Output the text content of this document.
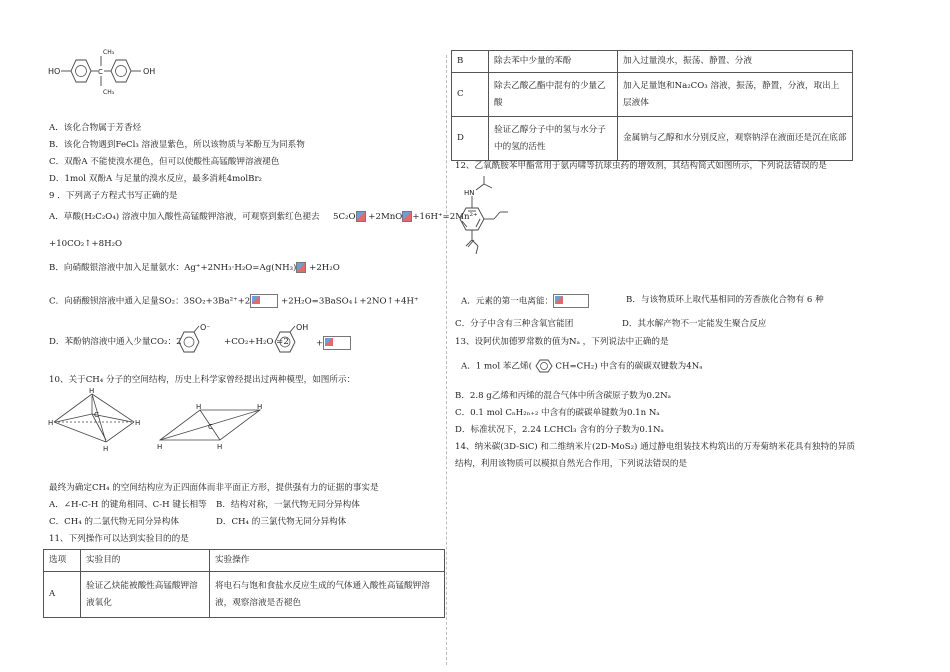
HO	C
CH₃
CH₃
OH
A．该化合物属于芳香烃
B．该化合物遇到FeCl₃ 溶液显紫色，所以该物质与苯酚互为同系物
C．双酚A 不能使溴水褪色，但可以使酸性高锰酸钾溶液褪色
D．1mol 双酚A 与足量的溴水反应，最多消耗4molBr₂
9 ．下列离子方程式书写正确的是
A．草酸(H₂C₂O₄) 溶液中加入酸性高锰酸钾溶液，可观察到紫红色褪去 5C₂O +2MnO +16H⁺=2Mn²⁺
+10CO₂↑+8H₂O
B．向硝酸银溶液中加入足量氨水：Ag⁺+2NH₃·H₂O=Ag(NH₃) +2H₂O
C．向硝酸钡溶液中通入足量SO₂：3SO₂+3Ba²⁺+2	+2H₂O=3BaSO₄↓+2NO↑+4H⁺
D．苯酚钠溶液中通入少量CO₂：2
O⁻
+CO₂+H₂O =2
OH
+
10、关于CH₄ 分子的空间结构，历史上科学家曾经提出过两种模型，如图所示：
H
C
H	H
H
H	H
C
H	H
最终为确定CH₄ 的空间结构应为正四面体而非平面正方形，提供强有力的证据的事实是
A．∠H-C-H 的键角相同、C-H 键长相等 B．结构对称，一氯代物无同分异构体
C．CH₄ 的二氯代物无同分异构体	D．CH₄ 的三氯代物无同分异构体
11、下列操作可以达到实验目的的是
选项	实验目的	实验操作
A	验证乙炔能被酸性高锰酸钾溶液氧化	将电石与饱和食盐水反应生成的气体通入酸性高锰酸钾溶液，观察溶液是否褪色
B	除去苯中少量的苯酚	加入过量溴水，振荡、静置、分液
C	除去乙酸乙酯中混有的少量乙酸	加入足量饱和Na₂CO₃ 溶液，振荡，静置，分液，取出上层液体
D	验证乙醇分子中的氢与水分子中的氢的活性	金属钠与乙醇和水分别反应，观察钠浮在液面还是沉在底部
12、乙氧酰胺苯甲酯常用于氨丙啸等抗球虫药的增效剂，其结构简式如图所示，下列说法错误的是
HN
A．元素的第一电离能：	B．与该物质环上取代基相同的芳香族化合物有 6 种
C．分子中含有三种含氧官能团	D．其水解产物不一定能发生聚合反应
13、设阿伏加德罗常数的值为Nₐ ，下列说法中正确的是
A．1 mol 苯乙烯(	CH=CH₂) 中含有的碳碳双键数为4Nₐ
B．2.8 g乙烯和丙烯的混合气体中所含碳原子数为0.2Nₐ
C．0.1 mol CₙH₂ₙ₊₂ 中含有的碳碳单键数为0.1n Nₐ
D．标准状况下，2.24 LCHCl₃ 含有的分子数为0.1Nₐ
14、纳米碳(3D-SiC) 和二维纳米片(2D-MoS₂) 通过静电组装技术构筑出的万寿菊纳米花具有独特的异质
结构，利用该物质可以模拟自然光合作用，下列说法错误的是
